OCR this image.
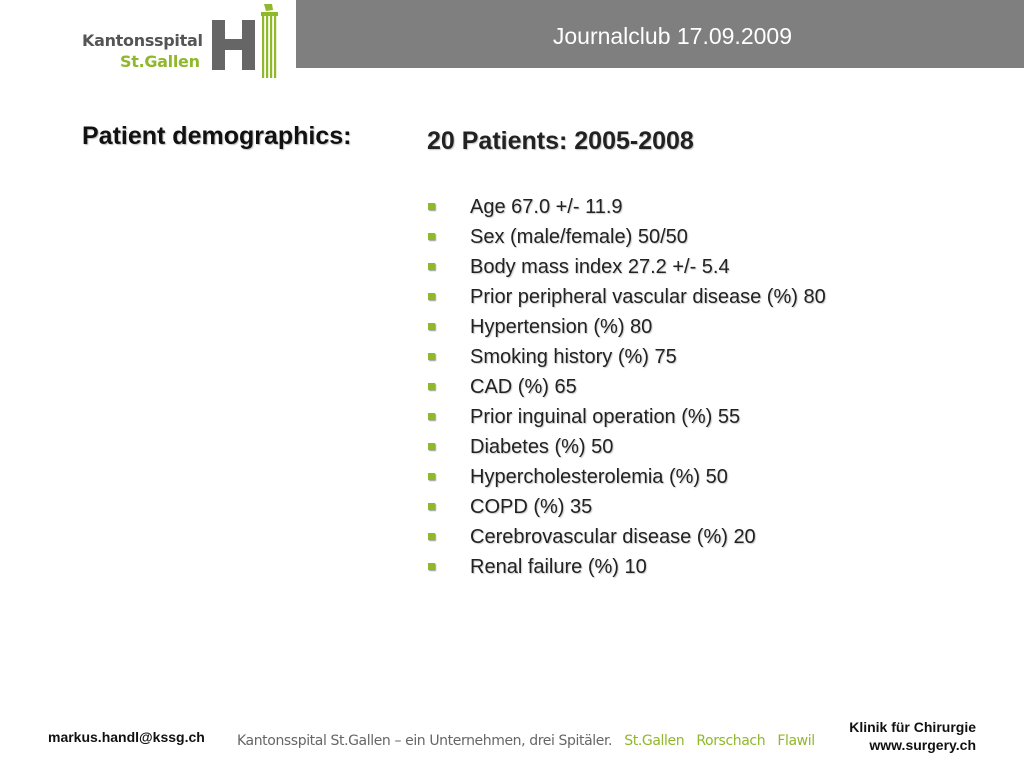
Kantonsspital
St.Gallen
Journalclub 17.09.2009
Patient demographics:	20 Patients: 2005-2008
Age 67.0 +/- 11.9
Sex (male/female) 50/50
Body mass index 27.2 +/- 5.4
Prior peripheral vascular disease (%) 80
Hypertension (%) 80
Smoking history (%) 75
CAD (%) 65
Prior inguinal operation (%) 55
Diabetes (%) 50
Hypercholesterolemia (%) 50
COPD (%) 35
Cerebrovascular disease (%) 20
Renal failure (%) 10
markus.handl@kssg.ch Kantonsspital St.Gallen – ein Unternehmen, drei Spitäler. St.Gallen Rorschach Flawil
Klinik für Chirurgie
www.surgery.ch
